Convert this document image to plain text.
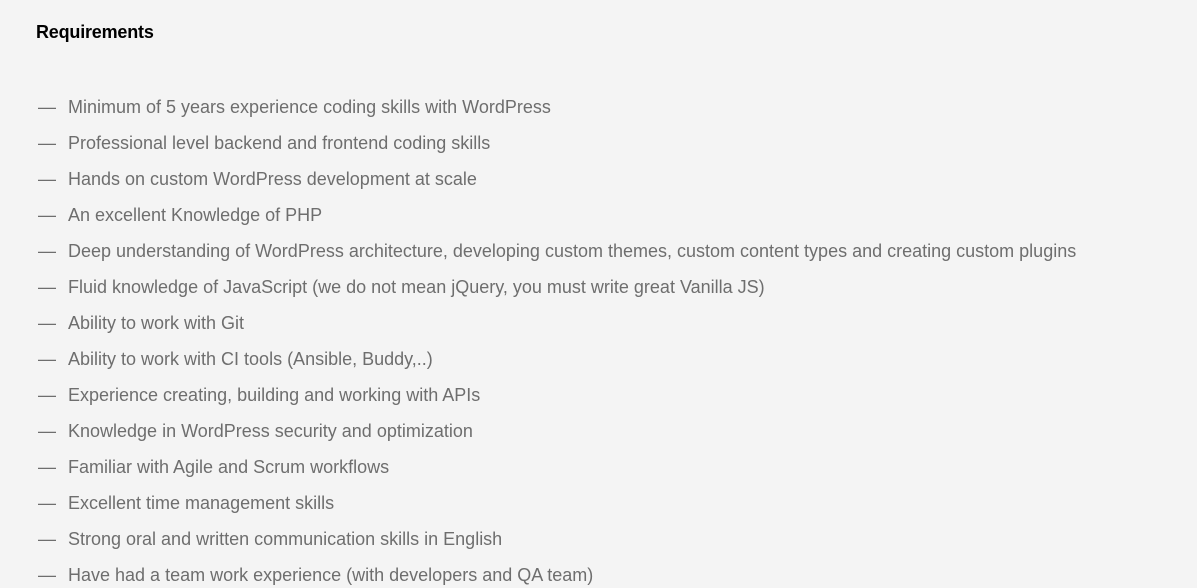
Requirements
— Minimum of 5 years experience coding skills with WordPress
— Professional level backend and frontend coding skills
— Hands on custom WordPress development at scale
— An excellent Knowledge of PHP
— Deep understanding of WordPress architecture, developing custom themes, custom content types and creating custom plugins
— Fluid knowledge of JavaScript (we do not mean jQuery, you must write great Vanilla JS)
— Ability to work with Git
— Ability to work with CI tools (Ansible, Buddy,..)
— Experience creating, building and working with APIs
— Knowledge in WordPress security and optimization
— Familiar with Agile and Scrum workflows
— Excellent time management skills
— Strong oral and written communication skills in English
— Have had a team work experience (with developers and QA team)
